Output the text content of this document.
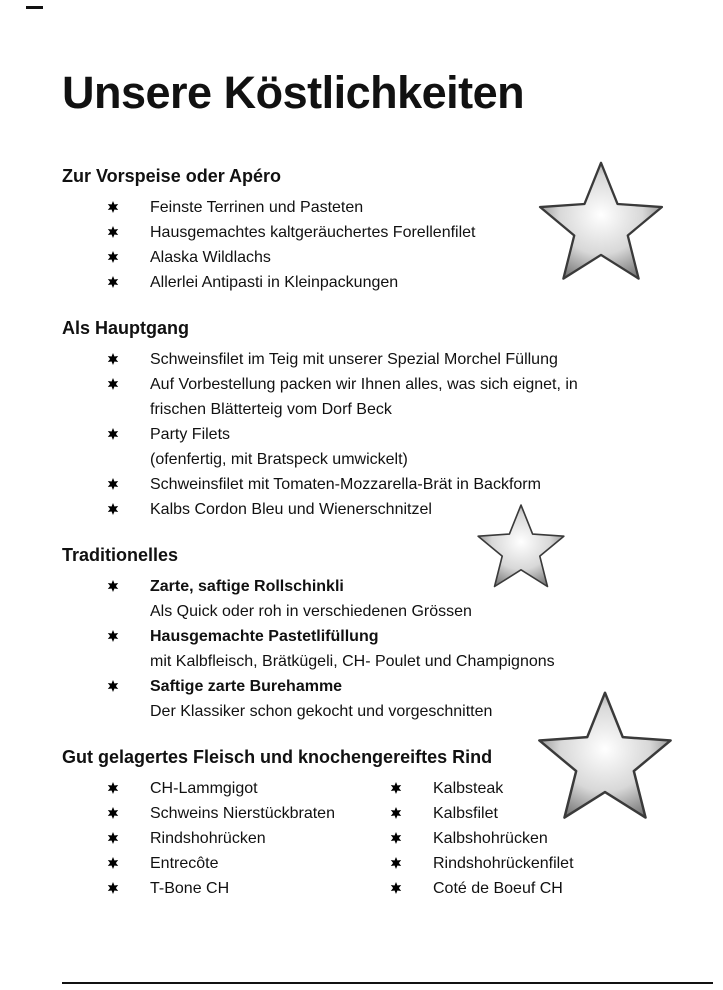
Unsere Köstlichkeiten
Zur Vorspeise oder Apéro
Feinste Terrinen und Pasteten
Hausgemachtes kaltgeräuchertes Forellenfilet
Alaska Wildlachs
Allerlei Antipasti in Kleinpackungen
Als Hauptgang
Schweinsfilet im Teig mit unserer Spezial Morchel Füllung
Auf Vorbestellung packen wir Ihnen alles, was sich eignet, in
frischen Blätterteig vom Dorf Beck
Party Filets
(ofenfertig, mit Bratspeck umwickelt)
Schweinsfilet mit Tomaten-Mozzarella-Brät in Backform
Kalbs Cordon Bleu und Wienerschnitzel
Traditionelles
Zarte, saftige Rollschinkli
Als Quick oder roh in verschiedenen Grössen
Hausgemachte Pastetlifüllung
mit Kalbfleisch, Brätkügeli, CH- Poulet und Champignons
Saftige zarte Burehamme
Der Klassiker schon gekocht und vorgeschnitten
Gut gelagertes Fleisch und knochengereiftes Rind
CH-Lammgigot
Schweins Nierstückbraten
Rindshohrücken
Entrecôte
T-Bone CH
Kalbsteak
Kalbsfilet
Kalbshohrücken
Rindshohrückenfilet
Coté de Boeuf CH
